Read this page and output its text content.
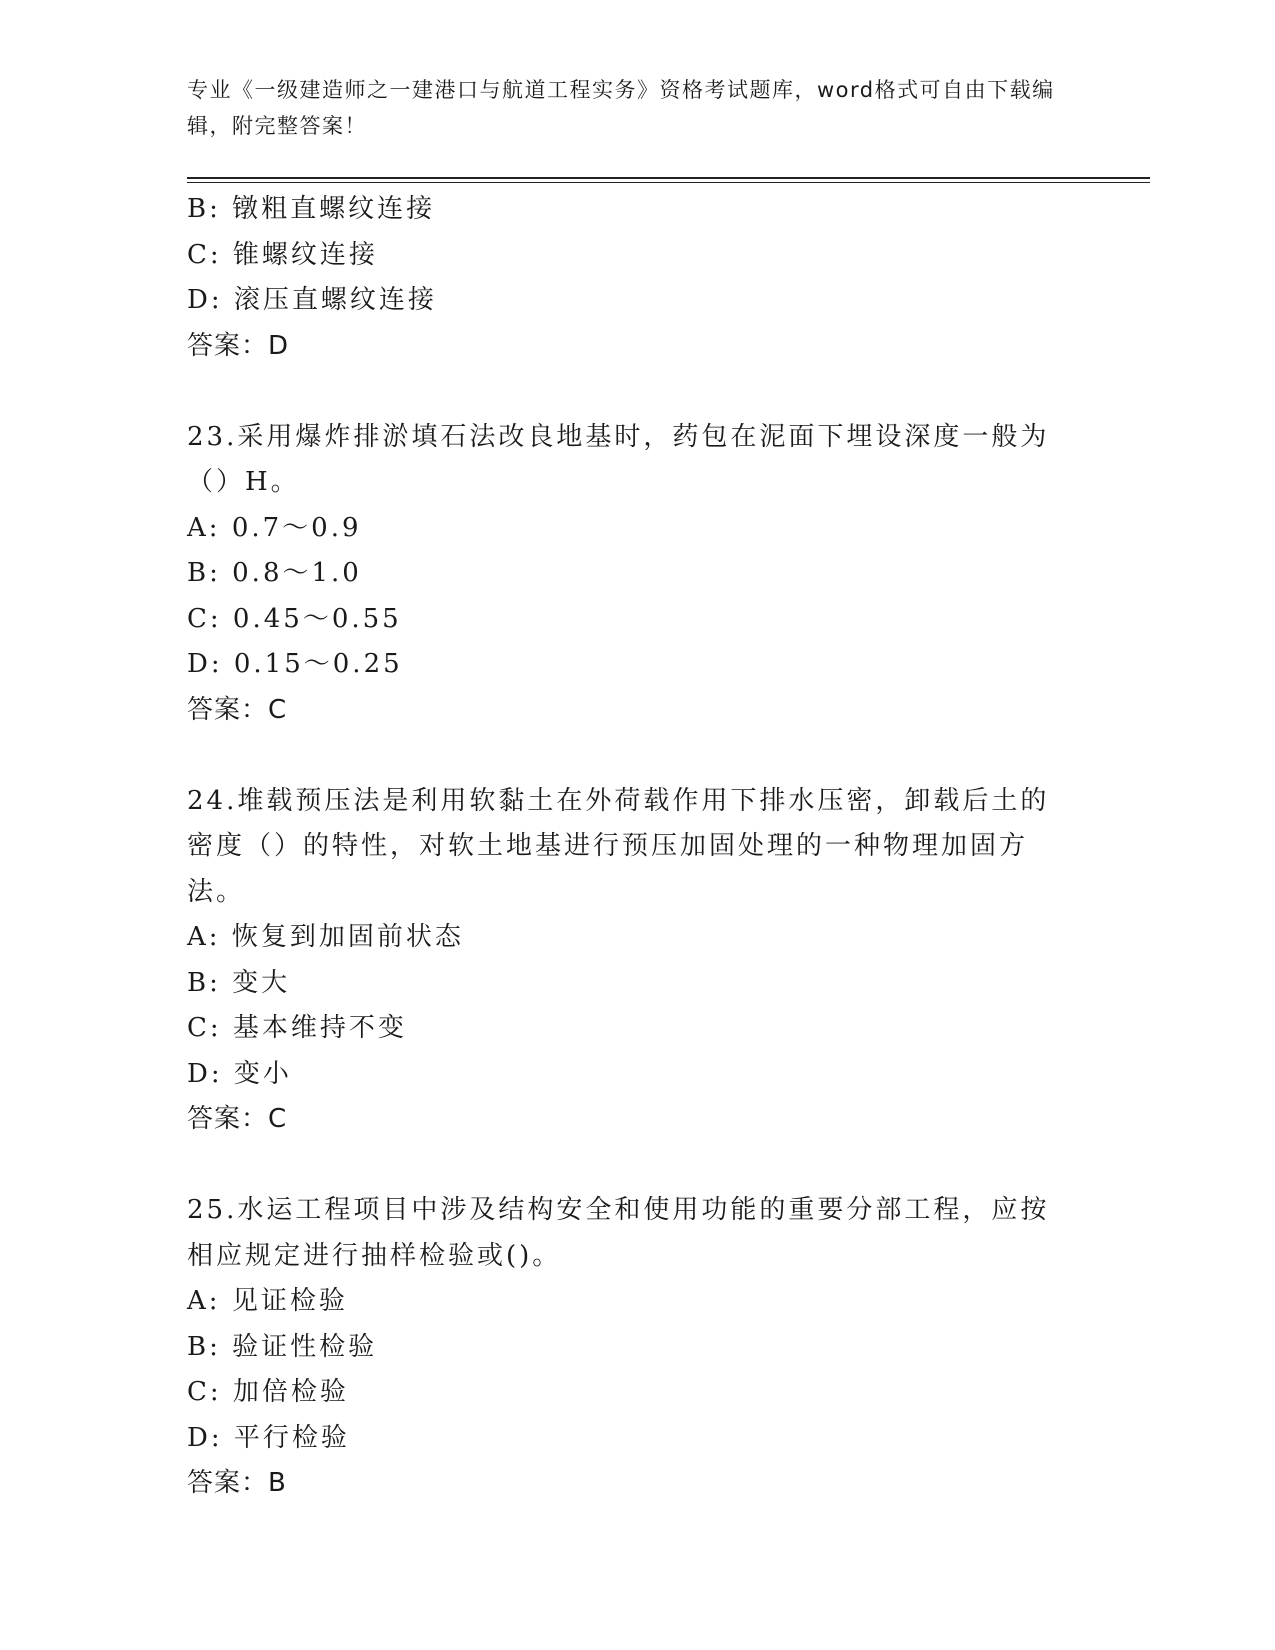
专业《一级建造师之一建港口与航道工程实务》资格考试题库，word格式可自由下载编辑，附完整答案！
B: 镦粗直螺纹连接
C: 锥螺纹连接
D: 滚压直螺纹连接
答案：D
23.采用爆炸排淤填石法改良地基时，药包在泥面下埋设深度一般为（）H。
A: 0.7～0.9
B: 0.8～1.0
C: 0.45～0.55
D: 0.15～0.25
答案：C
24.堆载预压法是利用软黏土在外荷载作用下排水压密，卸载后土的密度（）的特性，对软土地基进行预压加固处理的一种物理加固方法。
A: 恢复到加固前状态
B: 变大
C: 基本维持不变
D: 变小
答案：C
25.水运工程项目中涉及结构安全和使用功能的重要分部工程，应按相应规定进行抽样检验或()。
A: 见证检验
B: 验证性检验
C: 加倍检验
D: 平行检验
答案：B
